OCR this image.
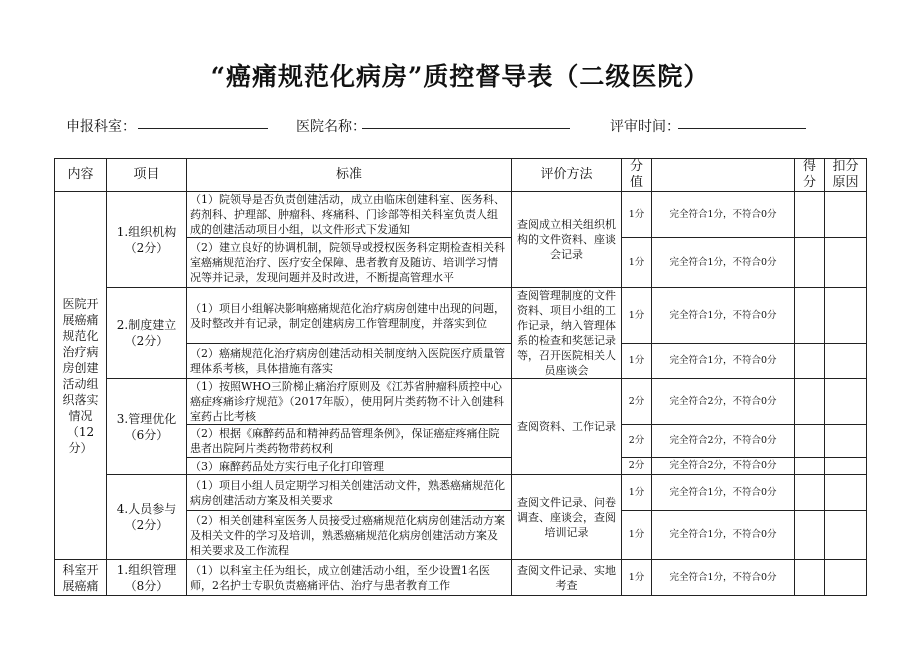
“癌痛规范化病房”质控督导表（二级医院）
申报科室：	医院名称：	评审时间：
内容	项目	标准	评价方法	分值		得分	扣分原因
医院开展癌痛规范化治疗病房创建活动组织落实情况（12分）	1.组织机构（2分）	（1）院领导是否负责创建活动，成立由临床创建科室、医务科、药剂科、护理部、肿瘤科、疼痛科、门诊部等相关科室负责人组成的创建活动项目小组，以文件形式下发通知	查阅成立相关组织机构的文件资料、座谈会记录	1分	完全符合1分，不符合0分		
		（2）建立良好的协调机制，院领导或授权医务科定期检查相关科室癌痛规范治疗、医疗安全保障、患者教育及随访、培训学习情况等并记录，发现问题并及时改进，不断提高管理水平		1分	完全符合1分，不符合0分		
	2.制度建立（2分）	（1）项目小组解决影响癌痛规范化治疗病房创建中出现的问题，及时整改并有记录，制定创建病房工作管理制度，并落实到位	查阅管理制度的文件资料、项目小组的工作记录，纳入管理体系的检查和奖惩记录等，召开医院相关人员座谈会	1分	完全符合1分，不符合0分		
		（2）癌痛规范化治疗病房创建活动相关制度纳入医院医疗质量管理体系考核，具体措施有落实		1分	完全符合1分，不符合0分		
	3.管理优化（6分）	（1）按照WHO三阶梯止痛治疗原则及《江苏省肿瘤科质控中心癌症疼痛诊疗规范》（2017年版），使用阿片类药物不计入创建科室药占比考核	查阅资料、工作记录	2分	完全符合2分，不符合0分		
		（2）根据《麻醉药品和精神药品管理条例》，保证癌症疼痛住院患者出院阿片类药物带药权利		2分	完全符合2分，不符合0分		
		（3）麻醉药品处方实行电子化打印管理		2分	完全符合2分，不符合0分		
	4.人员参与（2分）	（1）项目小组人员定期学习相关创建活动文件，熟悉癌痛规范化病房创建活动方案及相关要求	查阅文件记录、问卷调查、座谈会，查阅培训记录	1分	完全符合1分，不符合0分		
		（2）相关创建科室医务人员接受过癌痛规范化病房创建活动方案及相关文件的学习及培训，熟悉癌痛规范化病房创建活动方案及相关要求及工作流程		1分	完全符合1分，不符合0分		
科室开展癌痛	1.组织管理（8分）	（1）以科室主任为组长，成立创建活动小组，至少设置1名医师，2名护士专职负责癌痛评估、治疗与患者教育工作	查阅文件记录、实地考查	1分	完全符合1分，不符合0分		
